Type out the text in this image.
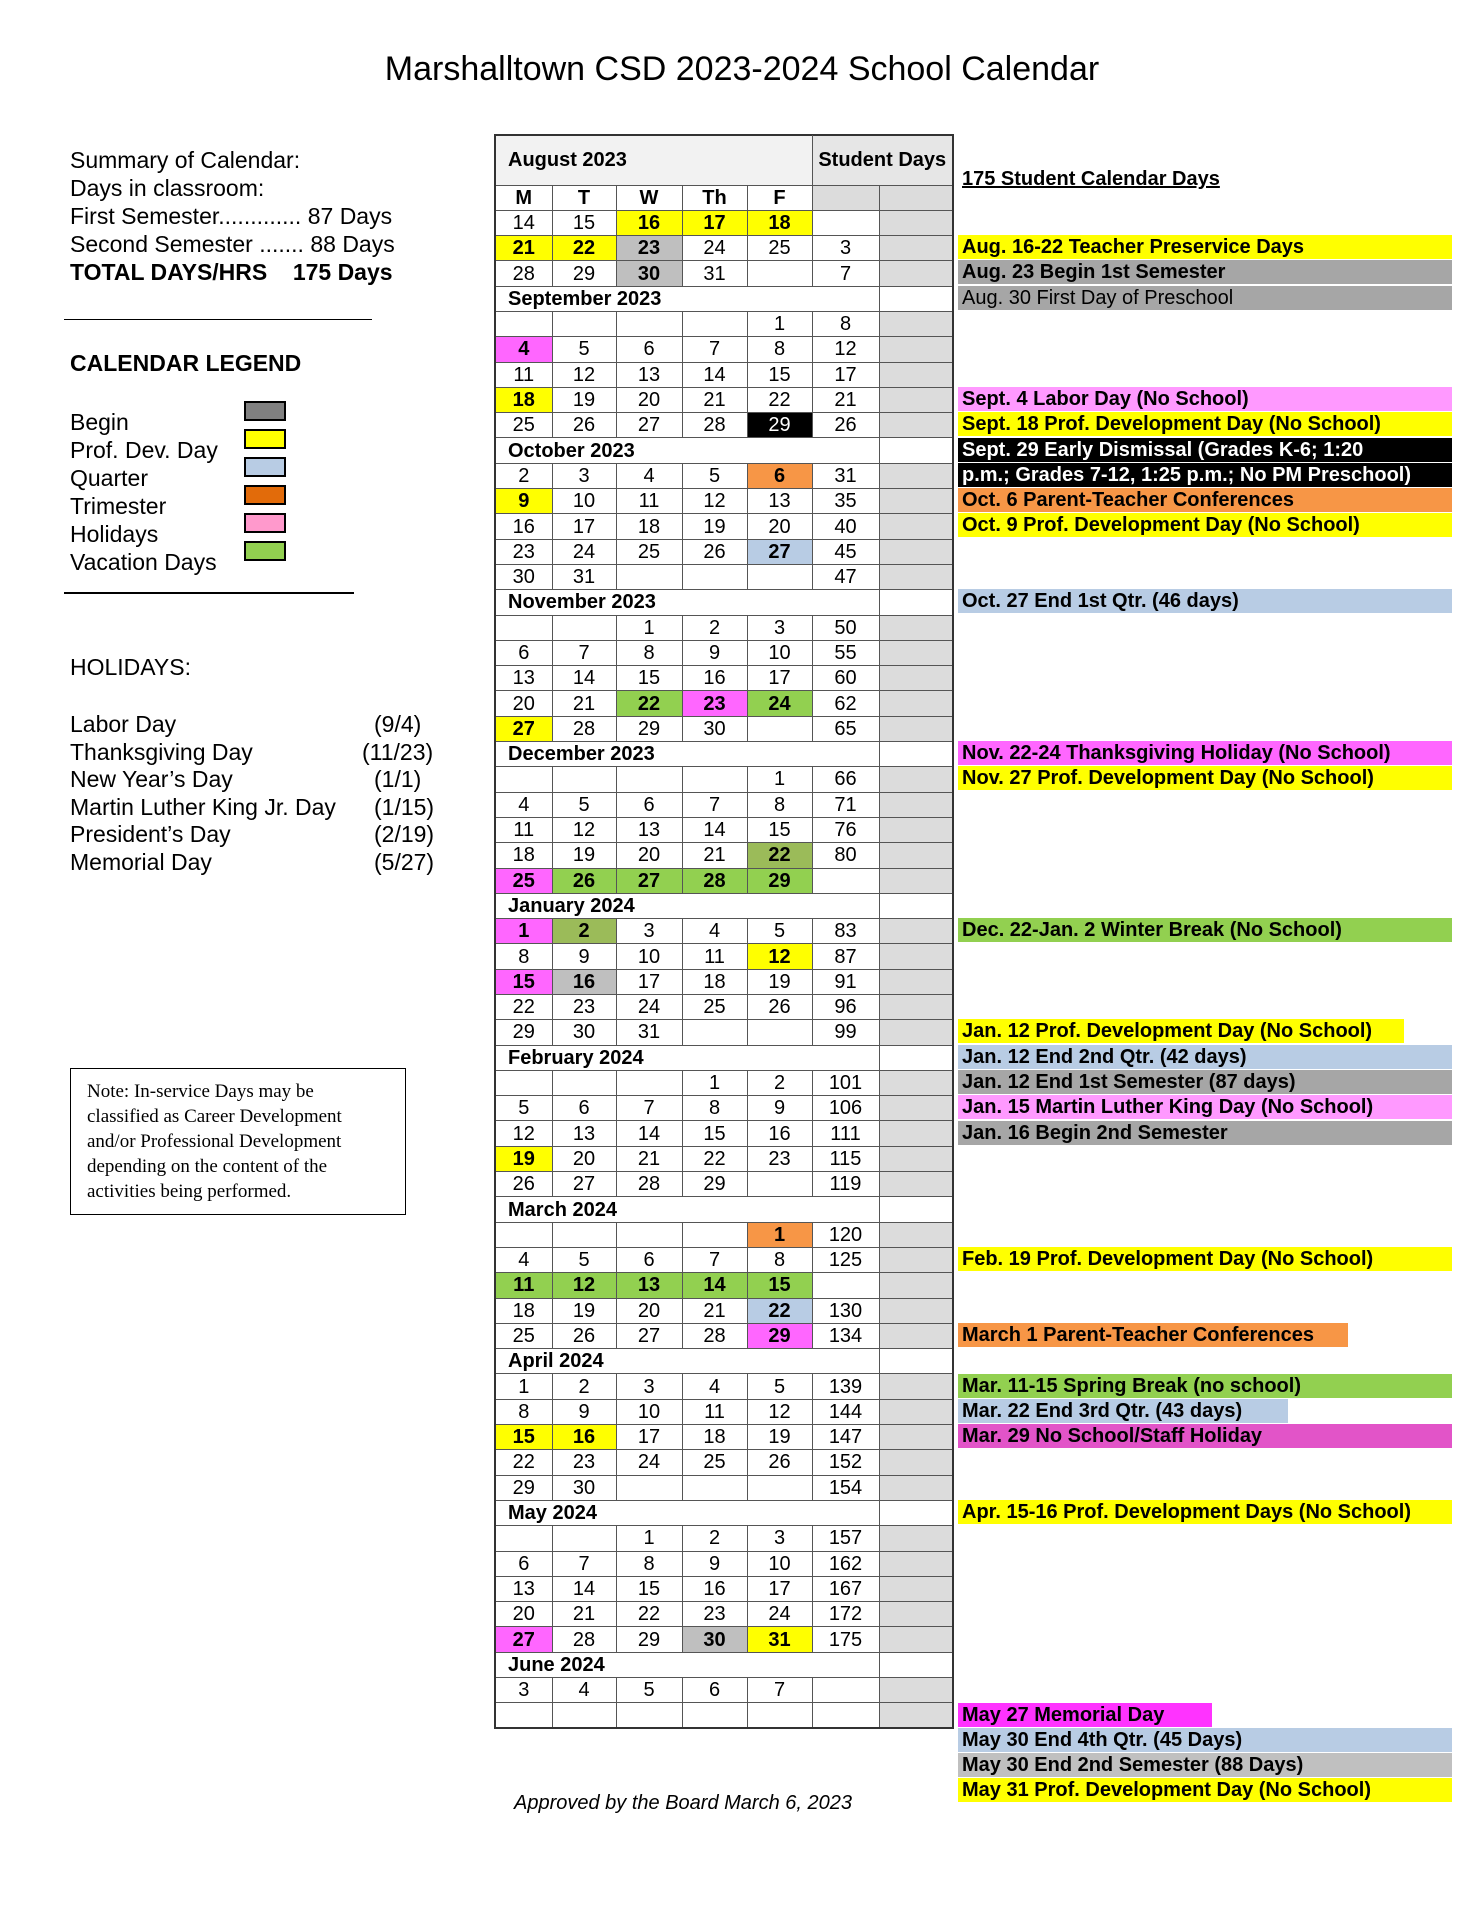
Marshalltown CSD 2023-2024 School Calendar
Summary of Calendar:
Days in classroom:
First Semester............. 87 Days
Second Semester ....... 88 Days
TOTAL DAYS/HRS 175 Days
CALENDAR LEGEND
Begin
Prof. Dev. Day
Quarter
Trimester
Holidays
Vacation Days
HOLIDAYS:
Labor Day	(9/4)
Thanksgiving Day	(11/23)
New Year’s Day	(1/1)
Martin Luther King Jr. Day (1/15)
President’s Day	(2/19)
Memorial Day	(5/27)
Note: In-service Days may be classified as Career Development and/or Professional Development depending on the content of the activities being performed.
August 2023					Student Days	

M	T	W	Th	F		
14	15	16	17	18		
21	22	23	24	25	3	
28	29	30	31		7	
September 2023						
				1	8	
4	5	6	7	8	12	
11	12	13	14	15	17	
18	19	20	21	22	21	
25	26	27	28	29	26	
October 2023						
2	3	4	5	6	31	
9	10	11	12	13	35	
16	17	18	19	20	40	
23	24	25	26	27	45	
30	31				47	
November 2023						
		1	2	3	50	
6	7	8	9	10	55	
13	14	15	16	17	60	
20	21	22	23	24	62	
27	28	29	30		65	
December 2023						
				1	66	
4	5	6	7	8	71	
11	12	13	14	15	76	
18	19	20	21	22	80	
25	26	27	28	29		
January 2024						
1	2	3	4	5	83	
8	9	10	11	12	87	
15	16	17	18	19	91	
22	23	24	25	26	96	
29	30	31			99	
February 2024						
			1	2	101	
5	6	7	8	9	106	
12	13	14	15	16	111	
19	20	21	22	23	115	
26	27	28	29		119	
March 2024						
				1	120	
4	5	6	7	8	125	
11	12	13	14	15		
18	19	20	21	22	130	
25	26	27	28	29	134	
April 2024						
1	2	3	4	5	139	
8	9	10	11	12	144	
15	16	17	18	19	147	
22	23	24	25	26	152	
29	30				154	
May 2024						
		1	2	3	157	
6	7	8	9	10	162	
13	14	15	16	17	167	
20	21	22	23	24	172	
27	28	29	30	31	175	
June 2024						
3	4	5	6	7		

175 Student Calendar Days
Aug. 16-22 Teacher Preservice Days
Aug. 23 Begin 1st Semester
Aug. 30 First Day of Preschool
Sept. 4 Labor Day (No School)
Sept. 18 Prof. Development Day (No School)
Sept. 29 Early Dismissal (Grades K-6; 1:20
p.m.; Grades 7-12, 1:25 p.m.; No PM Preschool)
Oct. 6 Parent-Teacher Conferences
Oct. 9 Prof. Development Day (No School)
Oct. 27 End 1st Qtr. (46 days)
Nov. 22-24 Thanksgiving Holiday (No School)
Nov. 27 Prof. Development Day (No School)
Dec. 22-Jan. 2 Winter Break (No School)
Jan. 12 Prof. Development Day (No School)
Jan. 12 End 2nd Qtr. (42 days)
Jan. 12 End 1st Semester (87 days)
Jan. 15 Martin Luther King Day (No School)
Jan. 16 Begin 2nd Semester
Feb. 19 Prof. Development Day (No School)
March 1 Parent-Teacher Conferences
Mar. 11-15 Spring Break (no school)
Mar. 22 End 3rd Qtr. (43 days)
Mar. 29 No School/Staff Holiday
Apr. 15-16 Prof. Development Days (No School)
May 27 Memorial Day
May 30 End 4th Qtr. (45 Days)
May 30 End 2nd Semester (88 Days)
May 31 Prof. Development Day (No School)
Approved by the Board March 6, 2023
